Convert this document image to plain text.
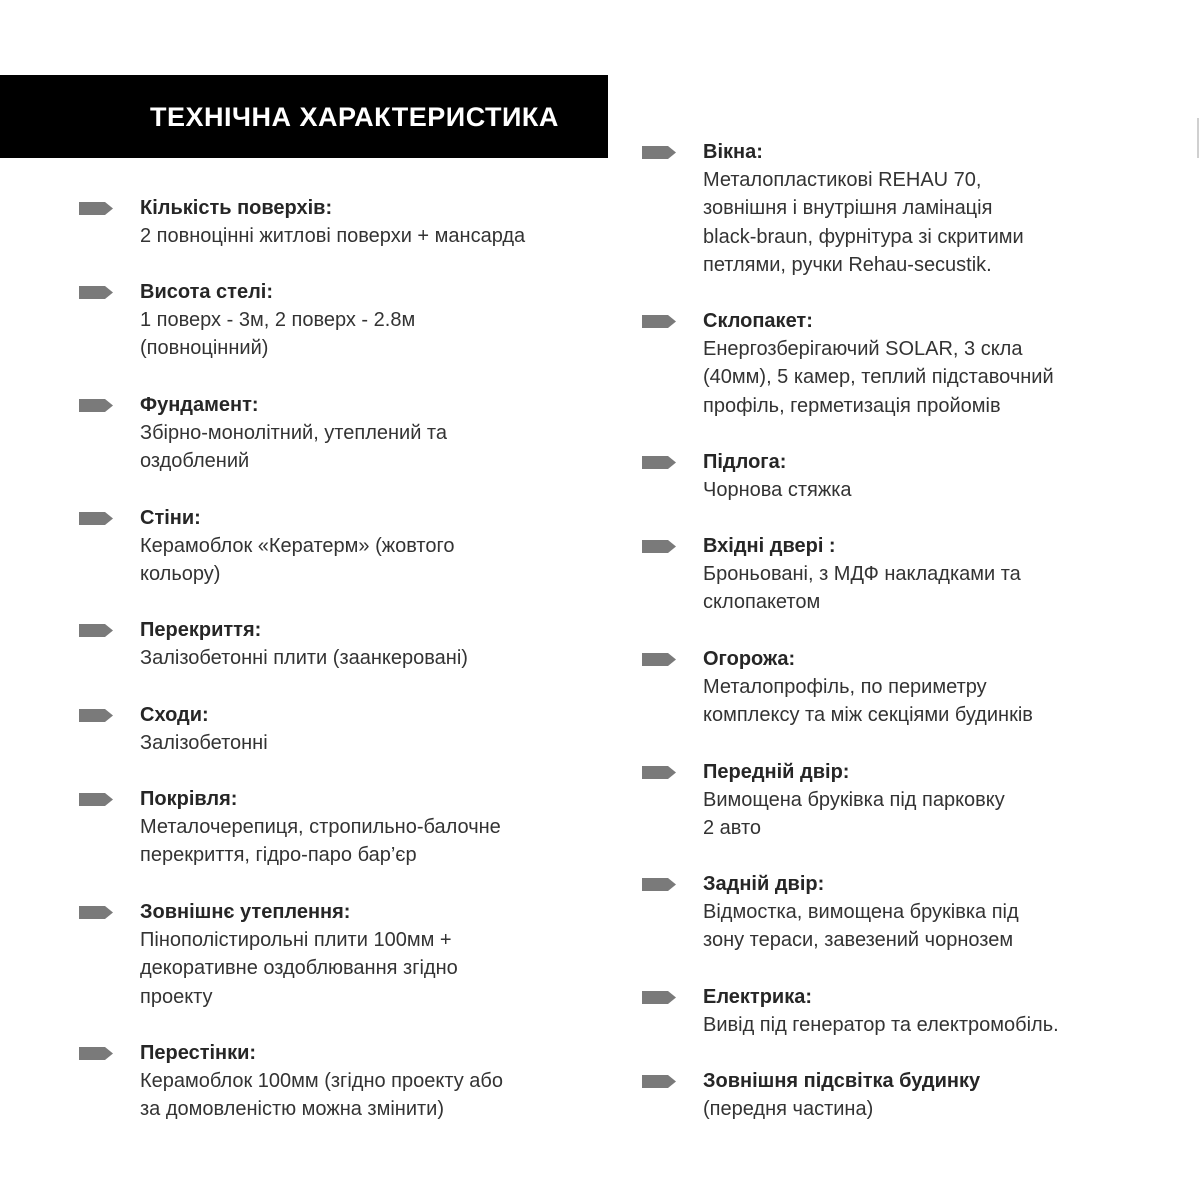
ТЕХНІЧНА ХАРАКТЕРИСТИКА
Кількість поверхів:
2 повноцінні житлові поверхи + мансарда
Висота стелі:
1 поверх - 3м, 2 поверх - 2.8м
(повноцінний)
Фундамент:
Збірно-монолітний, утеплений та
оздоблений
Стіни:
Керамоблок «Кератерм» (жовтого
кольору)
Перекриття:
Залізобетонні плити (заанкеровані)
Сходи:
Залізобетонні
Покрівля:
Металочерепиця, стропильно-балочне
перекриття, гідро-паро бар’єр
Зовнішнє утеплення:
Пінополістирольні плити 100мм +
декоративне оздоблювання згідно
проекту
Перестінки:
Керамоблок 100мм (згідно проекту або
за домовленістю можна змінити)
Вікна:
Металопластикові REHAU 70,
зовнішня і внутрішня ламінація
black-braun, фурнітура зі скритими
петлями, ручки Rehau-secustik.
Склопакет:
Енергозберігаючий SOLAR, 3 скла
(40мм), 5 камер, теплий підставочний
профіль, герметизація пройомів
Підлога:
Чорнова стяжка
Вхідні двері :
Броньовані, з МДФ накладками та
склопакетом
Огорожа:
Металопрофіль, по периметру
комплексу та між секціями будинків
Передній двір:
Вимощена бруківка під парковку
2 авто
Задній двір:
Відмостка, вимощена бруківка під
зону тераси, завезений чорнозем
Електрика:
Вивід під генератор та електромобіль.
Зовнішня підсвітка будинку
(передня частина)
